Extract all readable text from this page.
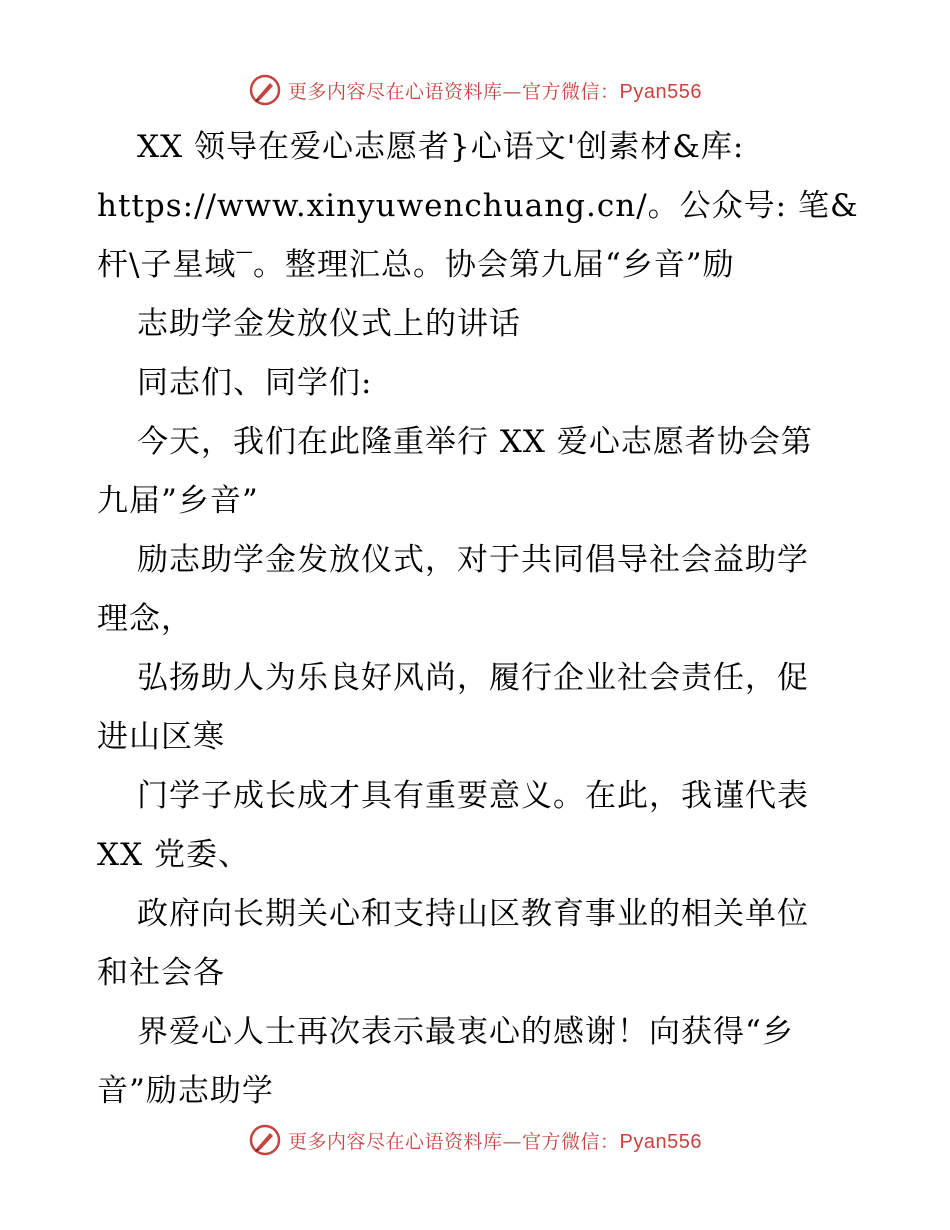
更多内容尽在心语资料库—官方微信：Pyan556
XX 领导在爱心志愿者}心语文'创素材&库:
https://www.xinyuwenchuang.cn/。公众号: 笔&
杆\子星域‾。整理汇总。协会第九届“乡音”励
志助学金发放仪式上的讲话
同志们、同学们:
今天，我们在此隆重举行 XX 爱心志愿者协会第
九届”乡音”
励志助学金发放仪式，对于共同倡导社会益助学
理念，
弘扬助人为乐良好风尚，履行企业社会责任，促
进山区寒
门学子成长成才具有重要意义。在此，我谨代表
XX 党委、
政府向长期关心和支持山区教育事业的相关单位
和社会各
界爱心人士再次表示最衷心的感谢！向获得“乡
音”励志助学
更多内容尽在心语资料库—官方微信：Pyan556
